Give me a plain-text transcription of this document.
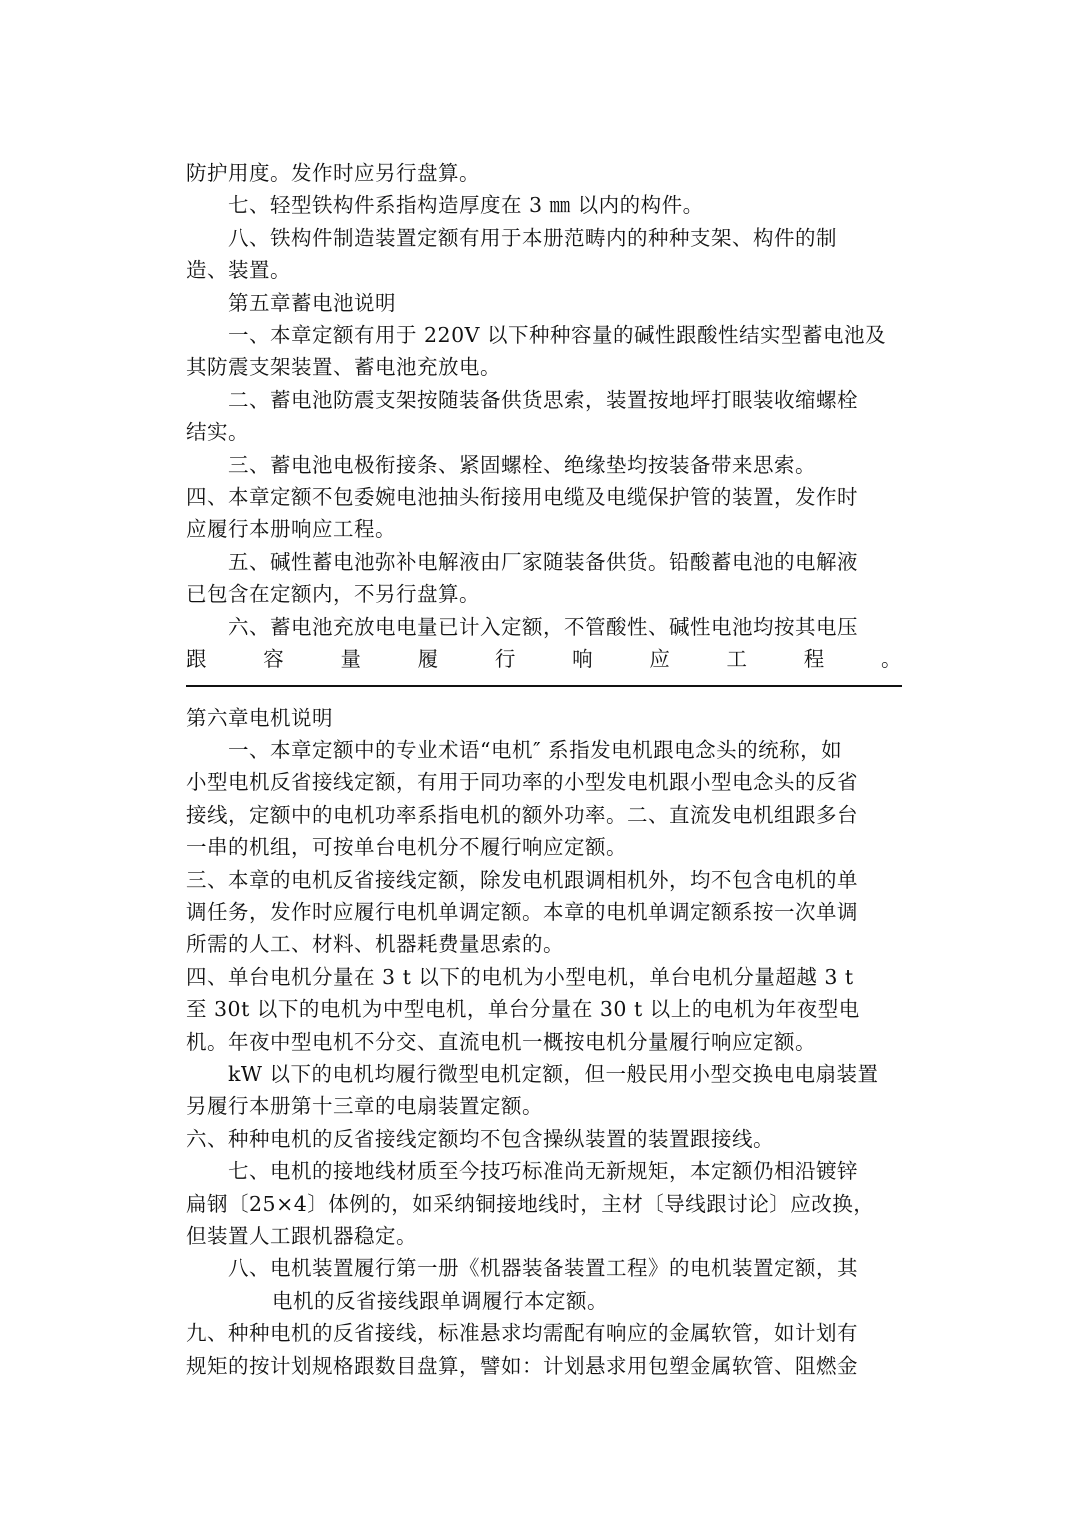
防护用度。发作时应另行盘算。
七、轻型铁构件系指构造厚度在 3 ㎜ 以内的构件。
八、铁构件制造装置定额有用于本册范畴内的种种支架、构件的制
造、装置。
第五章蓄电池说明
一、本章定额有用于 220V 以下种种容量的碱性跟酸性结实型蓄电池及
其防震支架装置、蓄电池充放电。
二、蓄电池防震支架按随装备供货思索，装置按地坪打眼装收缩螺栓
结实。
三、蓄电池电极衔接条、紧固螺栓、绝缘垫均按装备带来思索。
四、本章定额不包委婉电池抽头衔接用电缆及电缆保护管的装置，发作时
应履行本册响应工程。
五、碱性蓄电池弥补电解液由厂家随装备供货。铅酸蓄电池的电解液
已包含在定额内，不另行盘算。
六、蓄电池充放电电量已计入定额，不管酸性、碱性电池均按其电压
跟	容	量	履	行	响	应	工	程	。
第六章电机说明
一、本章定额中的专业术语“电机″ 系指发电机跟电念头的统称，如
小型电机反省接线定额，有用于同功率的小型发电机跟小型电念头的反省
接线，定额中的电机功率系指电机的额外功率。二、直流发电机组跟多台
一串的机组，可按单台电机分不履行响应定额。
三、本章的电机反省接线定额，除发电机跟调相机外，均不包含电机的单
调任务，发作时应履行电机单调定额。本章的电机单调定额系按一次单调
所需的人工、材料、机器耗费量思索的。
四、单台电机分量在 3 t 以下的电机为小型电机，单台电机分量超越 3 t
至 30t 以下的电机为中型电机，单台分量在 30 t 以上的电机为年夜型电
机。年夜中型电机不分交、直流电机一概按电机分量履行响应定额。
kW 以下的电机均履行微型电机定额，但一般民用小型交换电电扇装置
另履行本册第十三章的电扇装置定额。
六、种种电机的反省接线定额均不包含操纵装置的装置跟接线。
七、电机的接地线材质至今技巧标准尚无新规矩，本定额仍相沿镀锌
扁钢〔25×4〕体例的，如采纳铜接地线时，主材〔导线跟讨论〕应改换，
但装置人工跟机器稳定。
八、电机装置履行第一册《机器装备装置工程》的电机装置定额，其
电机的反省接线跟单调履行本定额。
九、种种电机的反省接线，标准悬求均需配有响应的金属软管，如计划有
规矩的按计划规格跟数目盘算，譬如：计划悬求用包塑金属软管、阻燃金
